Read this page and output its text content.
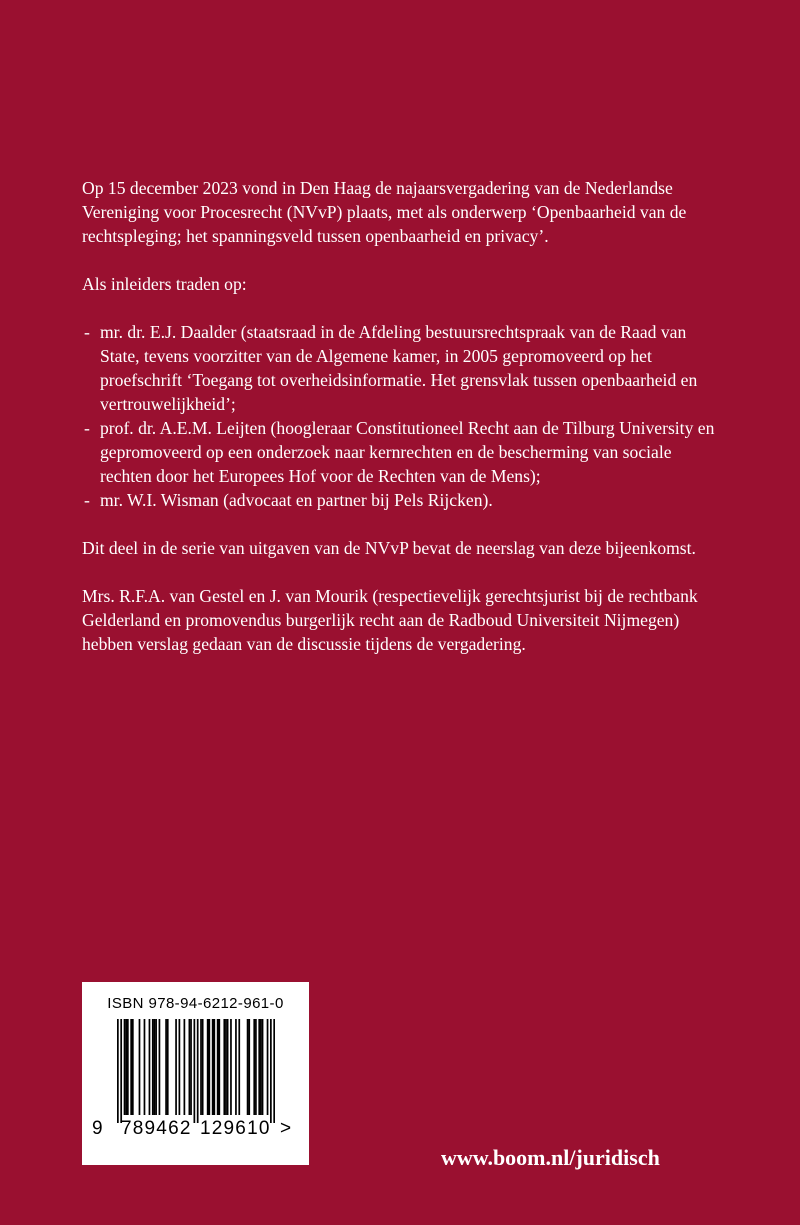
Op 15 december 2023 vond in Den Haag de najaarsvergadering van de Nederlandse Vereniging voor Procesrecht (NVvP) plaats, met als onderwerp ‘Openbaarheid van de rechtspleging; het spanningsveld tussen openbaarheid en privacy’.

Als inleiders traden op:

- mr. dr. E.J. Daalder (staatsraad in de Afdeling bestuursrechtspraak van de Raad van State, tevens voorzitter van de Algemene kamer, in 2005 gepromoveerd op het proefschrift ‘Toegang tot overheidsinformatie. Het grensvlak tussen openbaarheid en vertrouwelijkheid’;
- prof. dr. A.E.M. Leijten (hoogleraar Constitutioneel Recht aan de Tilburg University en gepromoveerd op een onderzoek naar kernrechten en de bescherming van sociale rechten door het Europees Hof voor de Rechten van de Mens);
- mr. W.I. Wisman (advocaat en partner bij Pels Rijcken).

Dit deel in de serie van uitgaven van de NVvP bevat de neerslag van deze bijeenkomst.

Mrs. R.F.A. van Gestel en J. van Mourik (respectievelijk gerechtsjurist bij de rechtbank Gelderland en promovendus burgerlijk recht aan de Radboud Universiteit Nijmegen) hebben verslag gedaan van de discussie tijdens de vergadering.

ISBN 978-94-6212-961-0
9 789462 129610 >
www.boom.nl/juridisch
